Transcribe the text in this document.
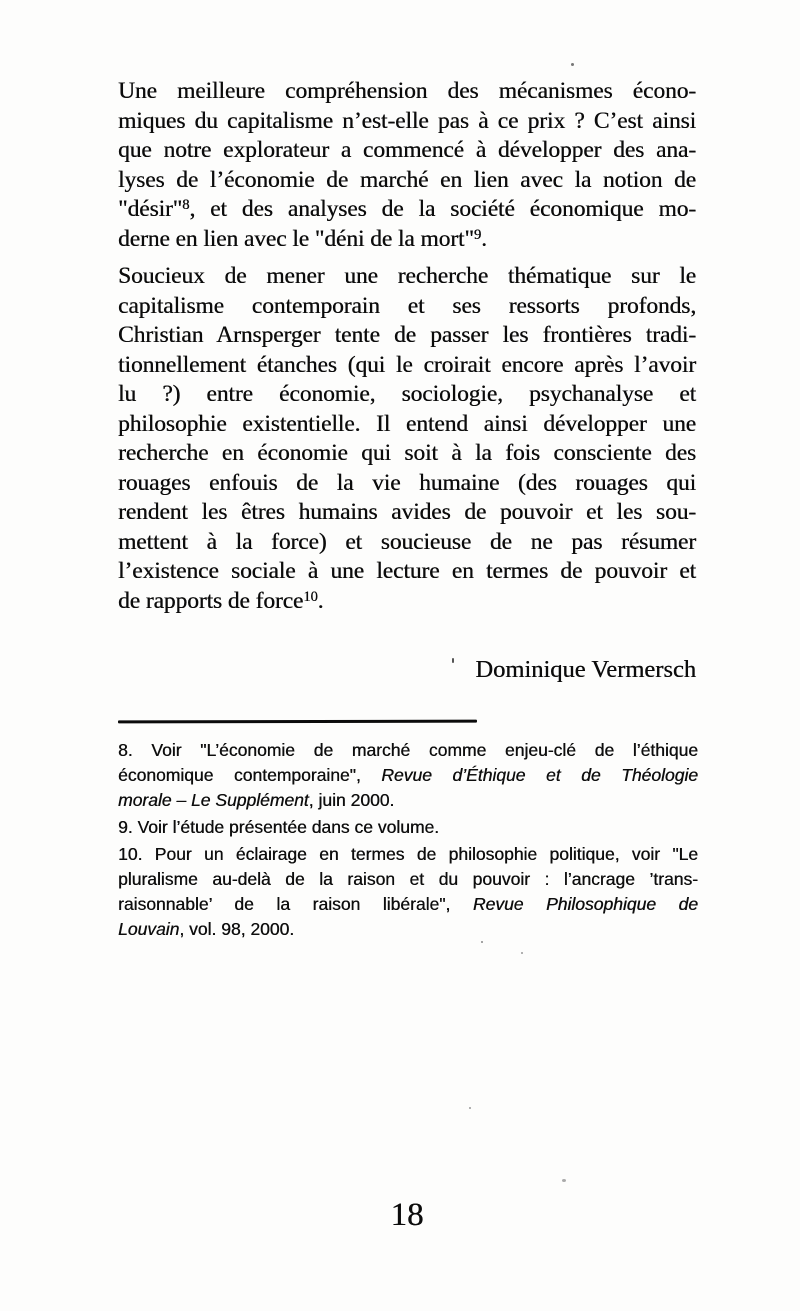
Une meilleure compréhension des mécanismes écono-
miques du capitalisme n’est-elle pas à ce prix ? C’est ainsi
que notre explorateur a commencé à développer des ana-
lyses de l’économie de marché en lien avec la notion de
"désir"$^8$, et des analyses de la société économique mo-
derne en lien avec le "déni de la mort"$^9$.
Soucieux de mener une recherche thématique sur le
capitalisme contemporain et ses ressorts profonds,
Christian Arnsperger tente de passer les frontières tradi-
tionnellement étanches (qui le croirait encore après l’avoir
lu ?) entre économie, sociologie, psychanalyse et
philosophie existentielle. Il entend ainsi développer une
recherche en économie qui soit à la fois consciente des
rouages enfouis de la vie humaine (des rouages qui
rendent les êtres humains avides de pouvoir et les sou-
mettent à la force) et soucieuse de ne pas résumer
l’existence sociale à une lecture en termes de pouvoir et
de rapports de force$^{10}$.
Dominique Vermersch
8. Voir "L’économie de marché comme enjeu-clé de l’éthique
économique contemporaine", Revue d’Éthique et de Théologie
morale – Le Supplément, juin 2000.
9. Voir l’étude présentée dans ce volume.
10. Pour un éclairage en termes de philosophie politique, voir "Le
pluralisme au-delà de la raison et du pouvoir : l’ancrage ’trans-
raisonnable’ de la raison libérale", Revue Philosophique de
Louvain, vol. 98, 2000.
18
